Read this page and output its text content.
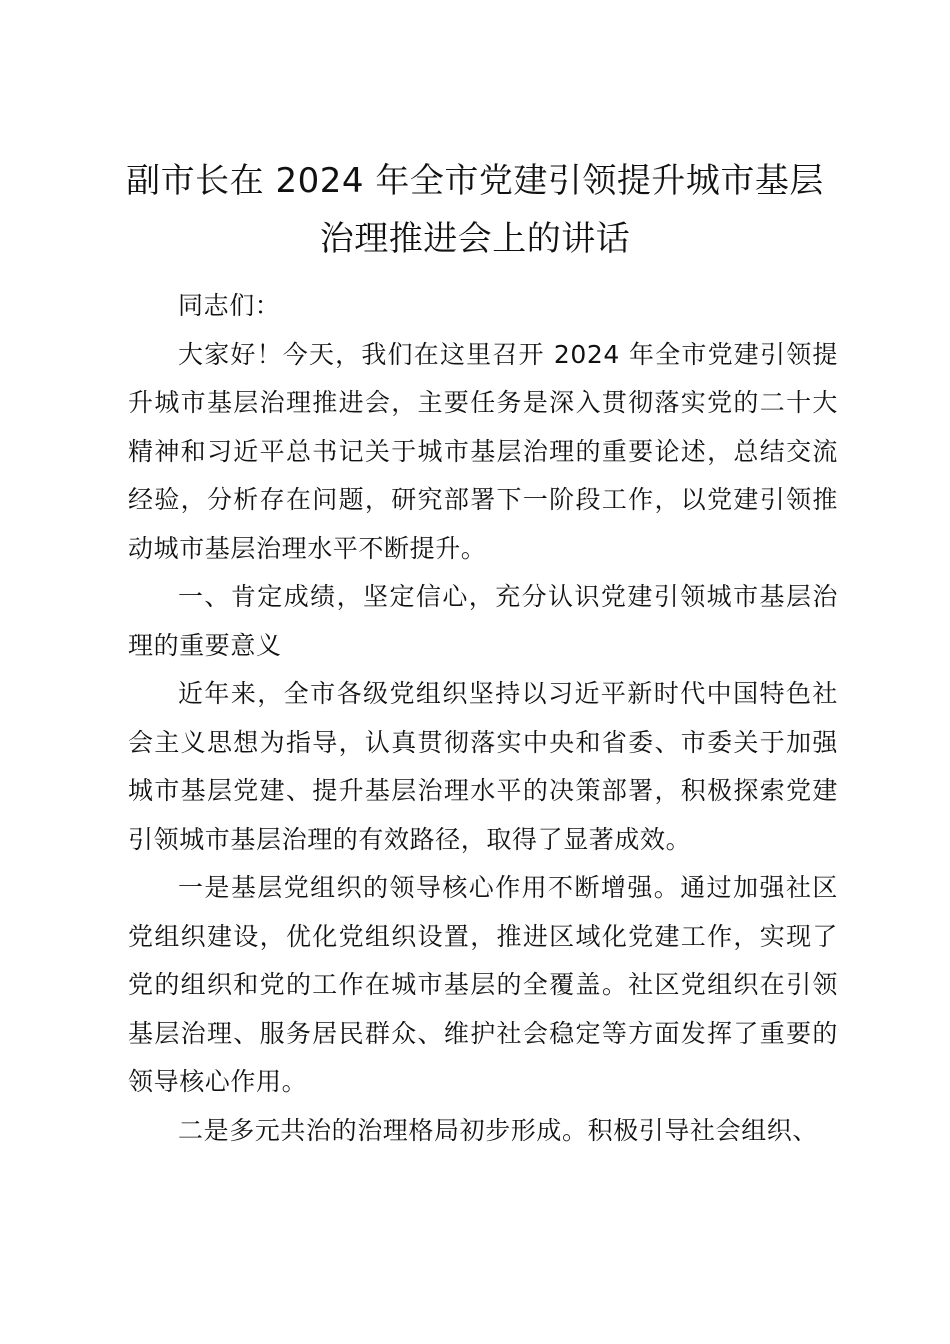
副市长在 2024 年全市党建引领提升城市基层
治理推进会上的讲话

同志们：

大家好！今天，我们在这里召开 2024 年全市党建引领提升城市基层治理推进会，主要任务是深入贯彻落实党的二十大精神和习近平总书记关于城市基层治理的重要论述，总结交流经验，分析存在问题，研究部署下一阶段工作，以党建引领推动城市基层治理水平不断提升。

一、肯定成绩，坚定信心，充分认识党建引领城市基层治理的重要意义

近年来，全市各级党组织坚持以习近平新时代中国特色社会主义思想为指导，认真贯彻落实中央和省委、市委关于加强城市基层党建、提升基层治理水平的决策部署，积极探索党建引领城市基层治理的有效路径，取得了显著成效。

一是基层党组织的领导核心作用不断增强。通过加强社区党组织建设，优化党组织设置，推进区域化党建工作，实现了党的组织和党的工作在城市基层的全覆盖。社区党组织在引领基层治理、服务居民群众、维护社会稳定等方面发挥了重要的领导核心作用。

二是多元共治的治理格局初步形成。积极引导社会组织、
